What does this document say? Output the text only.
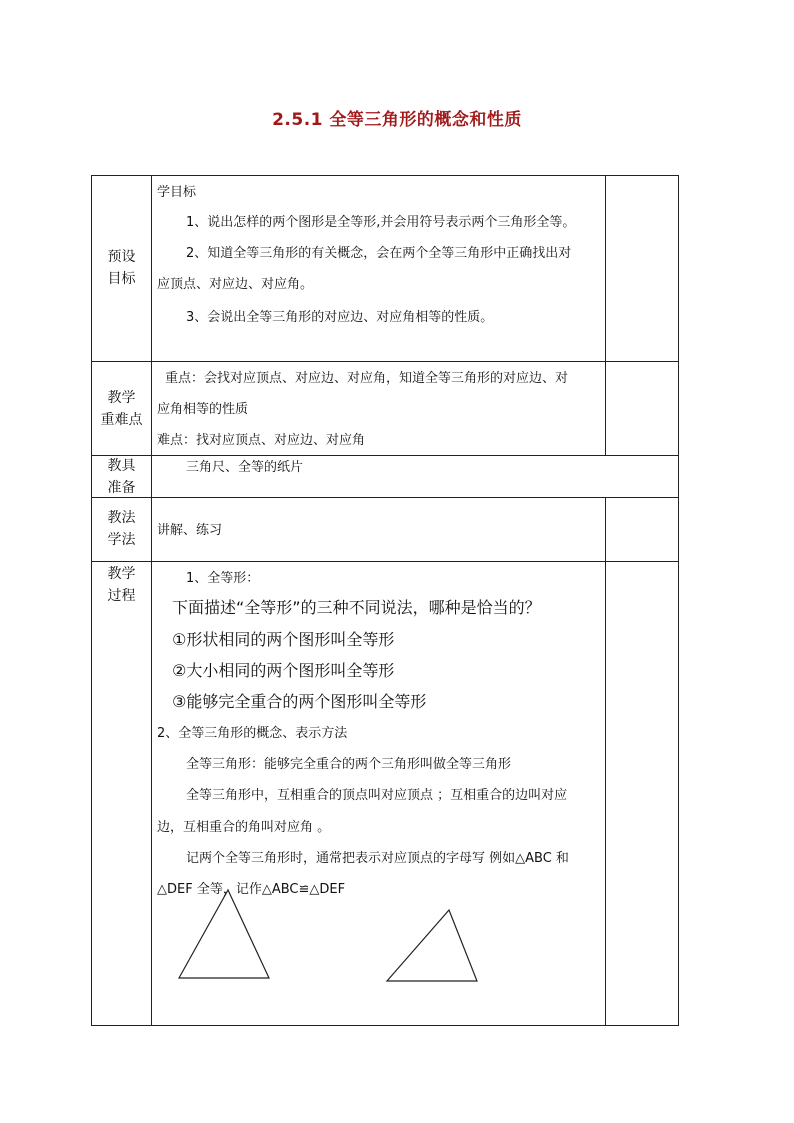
2.5.1 全等三角形的概念和性质
预设
目标
学目标
1、说出怎样的两个图形是全等形,并会用符号表示两个三角形全等。
2、知道全等三角形的有关概念，会在两个全等三角形中正确找出对
应顶点、对应边、对应角。
3、会说出全等三角形的对应边、对应角相等的性质。
教学
重难点
重点：会找对应顶点、对应边、对应角，知道全等三角形的对应边、对
应角相等的性质
难点：找对应顶点、对应边、对应角
教具
准备
三角尺、全等的纸片
教法
学法
讲解、练习
教学
过程
1、全等形：
下面描述“全等形”的三种不同说法，哪种是恰当的？
①形状相同的两个图形叫全等形
②大小相同的两个图形叫全等形
③能够完全重合的两个图形叫全等形
2、全等三角形的概念、表示方法
全等三角形：能够完全重合的两个三角形叫做全等三角形
全等三角形中，互相重合的顶点叫对应顶点 ；互相重合的边叫对应
边，互相重合的角叫对应角 。
记两个全等三角形时，通常把表示对应顶点的字母写 例如△ABC 和
△DEF 全等，记作△ABC≌△DEF
